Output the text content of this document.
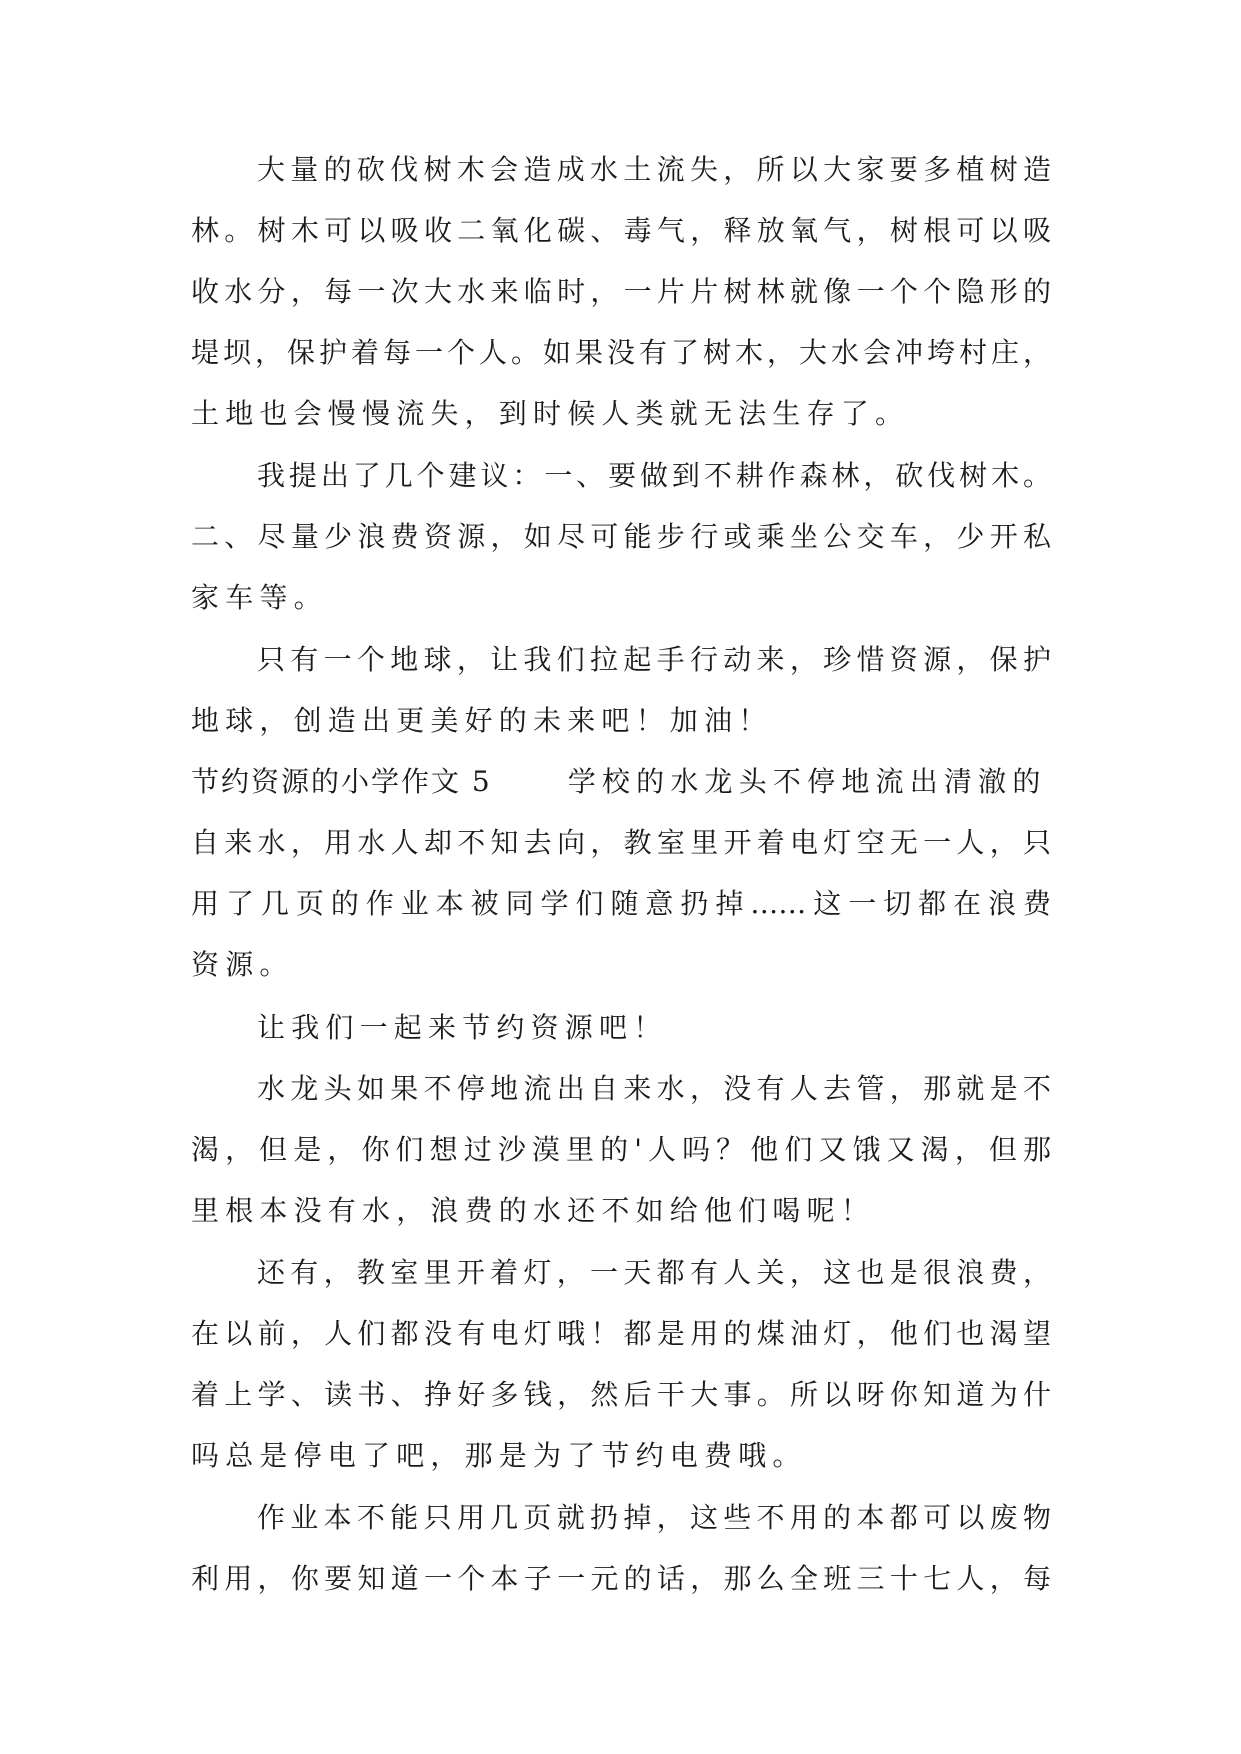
大量的砍伐树木会造成水土流失，所以大家要多植树造
林。树木可以吸收二氧化碳、毒气，释放氧气，树根可以吸
收水分，每一次大水来临时，一片片树林就像一个个隐形的
堤坝，保护着每一个人。如果没有了树木，大水会冲垮村庄，
土地也会慢慢流失，到时候人类就无法生存了。
我提出了几个建议：一、要做到不耕作森林，砍伐树木。
二、尽量少浪费资源，如尽可能步行或乘坐公交车，少开私
家车等。
只有一个地球，让我们拉起手行动来，珍惜资源，保护
地球，创造出更美好的未来吧！加油！
节约资源的小学作文 5	学校的水龙头不停地流出清澈的
自来水，用水人却不知去向，教室里开着电灯空无一人，只
用了几页的作业本被同学们随意扔掉……这一切都在浪费
资源。
让我们一起来节约资源吧！
水龙头如果不停地流出自来水，没有人去管，那就是不
渴，但是，你们想过沙漠里的'人吗？他们又饿又渴，但那
里根本没有水，浪费的水还不如给他们喝呢！
还有，教室里开着灯，一天都有人关，这也是很浪费，
在以前，人们都没有电灯哦！都是用的煤油灯，他们也渴望
着上学、读书、挣好多钱，然后干大事。所以呀你知道为什
吗总是停电了吧，那是为了节约电费哦。
作业本不能只用几页就扔掉，这些不用的本都可以废物
利用，你要知道一个本子一元的话，那么全班三十七人，每
